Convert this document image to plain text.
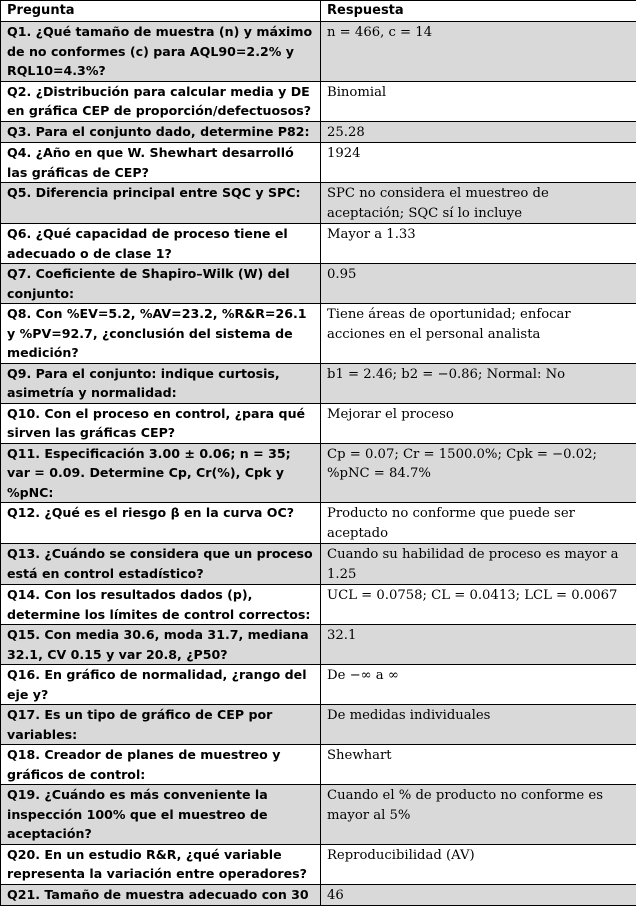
Pregunta	Respuesta
Q1. ¿Qué tamaño de muestra (n) y máximo de no conformes (c) para AQL90=2.2% y RQL10=4.3%?	n = 466, c = 14
Q2. ¿Distribución para calcular media y DE en gráfica CEP de proporción/defectuosos?	Binomial
Q3. Para el conjunto dado, determine P82:	25.28
Q4. ¿Año en que W. Shewhart desarrolló las gráficas de CEP?	1924
Q5. Diferencia principal entre SQC y SPC:	SPC no considera el muestreo de aceptación; SQC sí lo incluye
Q6. ¿Qué capacidad de proceso tiene el adecuado o de clase 1?	Mayor a 1.33
Q7. Coeficiente de Shapiro–Wilk (W) del conjunto:	0.95
Q8. Con %EV=5.2, %AV=23.2, %R&R=26.1 y %PV=92.7, ¿conclusión del sistema de medición?	Tiene áreas de oportunidad; enfocar acciones en el personal analista
Q9. Para el conjunto: indique curtosis, asimetría y normalidad:	b1 = 2.46; b2 = −0.86; Normal: No
Q10. Con el proceso en control, ¿para qué sirven las gráficas CEP?	Mejorar el proceso
Q11. Especificación 3.00 ± 0.06; n = 35; var = 0.09. Determine Cp, Cr(%), Cpk y %pNC:	Cp = 0.07; Cr = 1500.0%; Cpk = −0.02; %pNC = 84.7%
Q12. ¿Qué es el riesgo β en la curva OC?	Producto no conforme que puede ser aceptado
Q13. ¿Cuándo se considera que un proceso está en control estadístico?	Cuando su habilidad de proceso es mayor a 1.25
Q14. Con los resultados dados (p), determine los límites de control correctos:	UCL = 0.0758; CL = 0.0413; LCL = 0.0067
Q15. Con media 30.6, moda 31.7, mediana 32.1, CV 0.15 y var 20.8, ¿P50?	32.1
Q16. En gráfico de normalidad, ¿rango del eje y?	De −∞ a ∞
Q17. Es un tipo de gráfico de CEP por variables:	De medidas individuales
Q18. Creador de planes de muestreo y gráficos de control:	Shewhart
Q19. ¿Cuándo es más conveniente la inspección 100% que el muestreo de aceptación?	Cuando el % de producto no conforme es mayor al 5%
Q20. En un estudio R&R, ¿qué variable representa la variación entre operadores?	Reproducibilidad (AV)
Q21. Tamaño de muestra adecuado con 30	46
